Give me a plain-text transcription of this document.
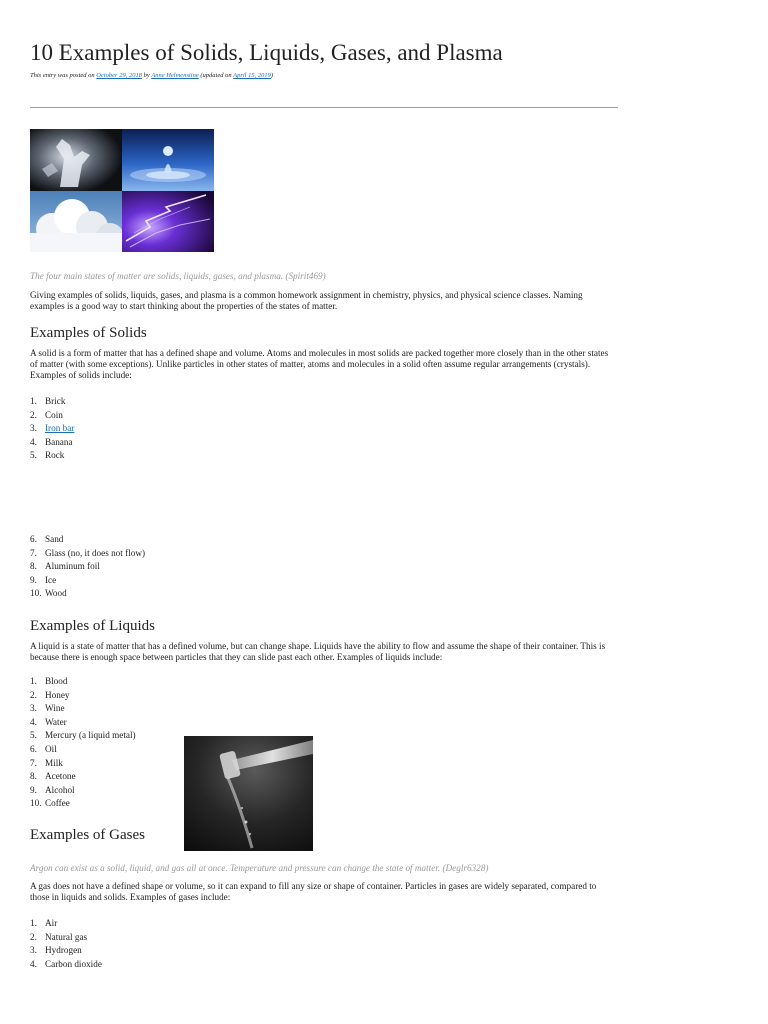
10 Examples of Solids, Liquids, Gases, and Plasma
This entry was posted on October 29, 2018 by Anne Helmenstine (updated on April 15, 2019)
The four main states of matter are solids, liquids, gases, and plasma. (Spirit469)

Giving examples of solids, liquids, gases, and plasma is a common homework assignment in chemistry, physics, and physical science classes. Naming examples is a good way to start thinking about the properties of the states of matter.

Examples of Solids

A solid is a form of matter that has a defined shape and volume. Atoms and molecules in most solids are packed together more closely than in the other states of matter (with some exceptions). Unlike particles in other states of matter, atoms and molecules in a solid often assume regular arrangements (crystals). Examples of solids include:

1. Brick
2. Coin
3. Iron bar
4. Banana
5. Rock
6. Sand
7. Glass (no, it does not flow)
8. Aluminum foil
9. Ice
10. Wood
Examples of Liquids

A liquid is a state of matter that has a defined volume, but can change shape. Liquids have the ability to flow and assume the shape of their container. This is because there is enough space between particles that they can slide past each other. Examples of liquids include:

1. Blood
2. Honey
3. Wine
4. Water
5. Mercury (a liquid metal)
6. Oil
7. Milk
8. Acetone
9. Alcohol
10. Coffee
Examples of Gases
Argon can exist as a solid, liquid, and gas all at once. Temperature and pressure can change the state of matter. (Deglr6328)

A gas does not have a defined shape or volume, so it can expand to fill any size or shape of container. Particles in gases are widely separated, compared to those in liquids and solids. Examples of gases include:

1. Air
2. Natural gas
3. Hydrogen
4. Carbon dioxide
